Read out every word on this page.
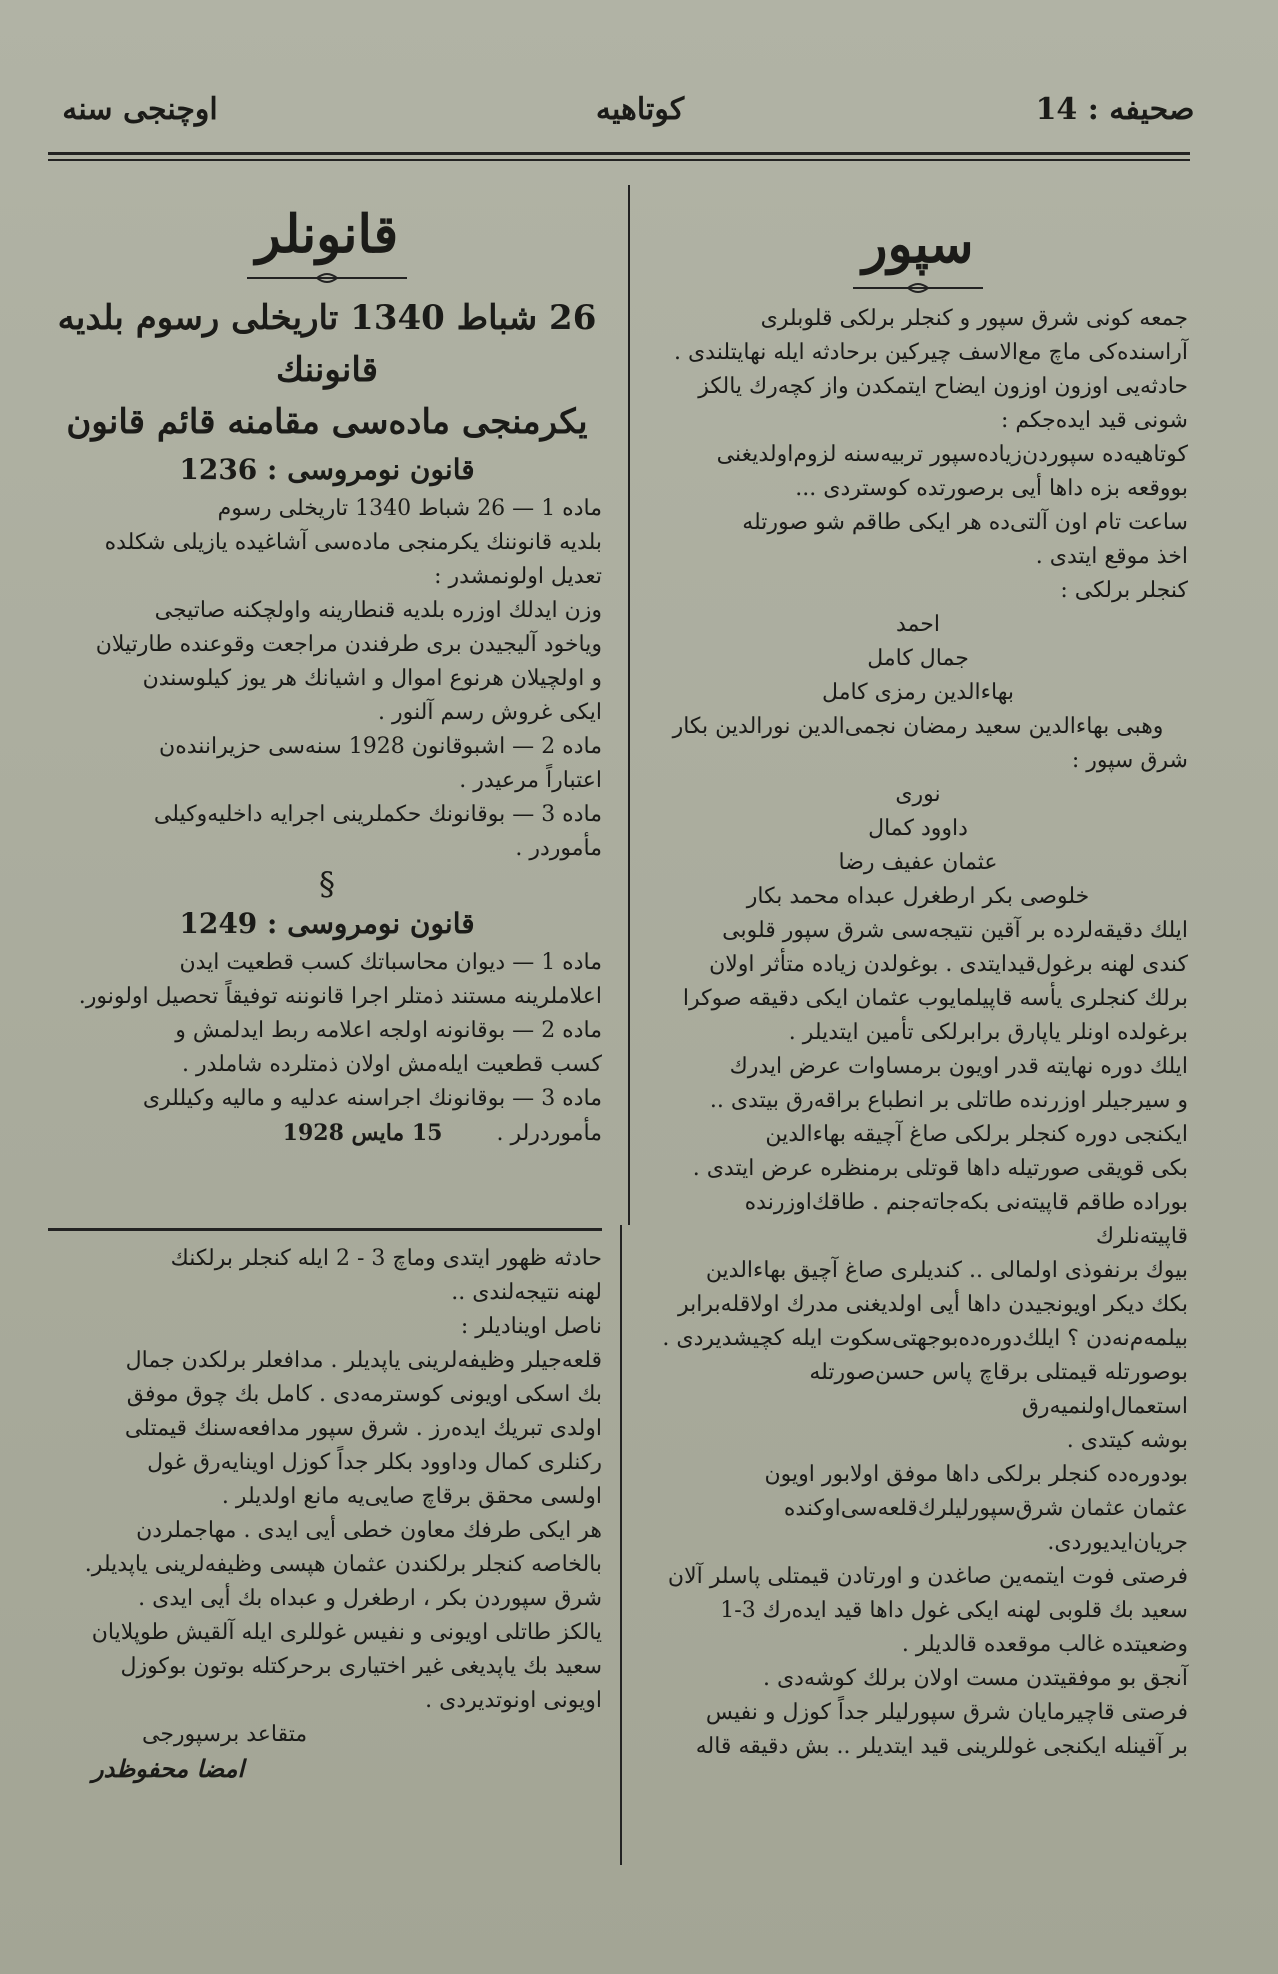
اوچنجی سنه	کوتاهیه	صحیفه : 14
قانونلر
26 شباط 1340 تاریخلی رسوم بلدیه قانوننك
یکرمنجی ماده‌سی مقامنه قائم قانون
قانون نومروسی : 1236

ماده 1 — 26 شباط 1340 تاریخلی رسوم

بلدیه قانوننك یکرمنجی ماده‌سی آشاغیده یازیلی شکلده

تعدیل اولونمشدر :

وزن ایدلك اوزره بلدیه قنطارینه واولچکنه صاتیجی

ویاخود آلیجیدن بری طرفندن مراجعت وقوعنده طارتیلان

و اولچیلان هرنوع اموال و اشیانك هر یوز کیلوسندن

ایکی غروش رسم آلنور .

ماده 2 — اشبوقانون 1928 سنه‌سی حزیراننده‌ن

اعتباراً مرعیدر .

ماده 3 — بوقانونك حکملرینی اجرایه داخلیه‌وکیلی

مأموردر .

§
قانون نومروسی : 1249

ماده 1 — دیوان محاسباتك کسب قطعیت ایدن

اعلاملرینه مستند ذمتلر اجرا قانوننه توفیقاً تحصیل اولونور.

ماده 2 — بوقانونه اولجه اعلامه ربط ایدلمش و

کسب قطعیت ایله‌مش اولان ذمتلرده شاملدر .

ماده 3 — بوقانونك اجراسنه عدلیه و مالیه وکیللری

مأموردرلر .  15 مایس 1928

حادثه ظهور ایتدی وماچ 3 - 2 ایله کنجلر برلکنك

لهنه نتیجه‌لندی ..

ناصل اوینادیلر :

قلعه‌جیلر وظیفه‌لرینی یاپدیلر . مدافعلر برلکدن جمال

بك اسکی اویونی کوسترمه‌دی . کامل بك چوق موفق

اولدی تبریك ایده‌رز . شرق سپور مدافعه‌سنك قیمتلی

رکنلری کمال وداوود بکلر جداً کوزل اوینایه‌رق غول

اولسی محقق برقاچ صایی‌یه مانع اولدیلر .

هر ایکی طرفك معاون خطی أیی ایدی . مهاجملردن

بالخاصه کنجلر برلکندن عثمان هپسی وظیفه‌لرینی یاپدیلر.

شرق سپوردن بکر ، ارطغرل و عبداه بك أیی ایدی .

یالکز طاتلی اویونی و نفیس غوللری ایله آلقیش طوپلایان

سعید بك یاپدیغی غیر اختیاری برحرکتله بوتون بوکوزل

اویونی اونوتدیردی .

متقاعد برسپورجی

امضا محفوظدر

سپور

جمعه کونی شرق سپور و کنجلر برلکی قلوبلری

آراسنده‌کی ماچ مع‌الاسف چیرکین برحادثه ایله نهایتلندی .

حادثه‌یی اوزون اوزون ایضاح ایتمکدن واز کچه‌رك یالکز

شونی قید ایده‌جکم :

کوتاهیه‌ده سپوردن‌زیاده‌سپور تربیه‌سنه لزوم‌اولدیغنی

بووقعه بزه داها أیی برصورتده کوستردی ...

ساعت تام اون آلتی‌ده هر ایکی طاقم شو صورتله

اخذ موقع ایتدی .

کنجلر برلکی :

احمد

جمال کامل

بهاءالدین رمزی کامل

وهبی بهاءالدین سعید رمضان نجمی‌الدین نورالدین بکار

شرق سپور :

نوری

داوود کمال

عثمان عفیف رضا

خلوصی بکر ارطغرل عبداه محمد بکار

ایلك دقیقه‌لرده بر آقین نتیجه‌سی شرق سپور قلوبی

کندی لهنه برغول‌قید‌ایتدی . بوغولدن زیاده متأثر اولان

برلك کنجلری یأسه قاپیلمایوب عثمان ایکی دقیقه صوکرا

برغولده اونلر یاپارق برابرلکی تأمین ایتدیلر .

ایلك دوره نهایته قدر اویون برمساوات عرض ایدرك

و سیرجیلر اوزرنده طاتلی بر انطباع براقه‌رق بیتدی ..

ایکنجی دوره کنجلر برلکی صاغ آچیقه بهاءالدین

بکی قویقی صورتیله داها قوتلی برمنظره عرض ایتدی .

بوراده طاقم قاپیته‌نی بکه‌جاته‌جنم . طاقك‌اوزرنده قاپیته‌نلرك

بیوك برنفوذی اولمالی .. کندیلری صاغ آچیق بهاءالدین

بکك دیکر اویونجیدن داها أیی اولدیغنی مدرك اولاقله‌برابر

بیلمه‌م‌نه‌دن ؟ ایلك‌دوره‌ده‌بوجهتی‌سکوت ایله کچیشدیردی .

بوصورتله قیمتلی برقاچ پاس حسن‌صورتله استعمال‌اولنمیه‌رق

بوشه کیتدی .

بودوره‌ده کنجلر برلکی داها موفق اولابور اویون

عثمان عثمان شرق‌سپورلیلرك‌قلعه‌سی‌اوکنده جریان‌ایدیوردی.

فرصتی فوت ایتمه‌ین صاغدن و اورتادن قیمتلی پاسلر آلان

سعید بك قلوبی لهنه ایکی غول داها قید ایده‌رك 3-1

وضعیتده غالب موقعده قالدیلر .

آنجق بو موفقیتدن مست اولان برلك کوشه‌دی .

فرصتی قاچیرمایان شرق سپورلیلر جداً کوزل و نفیس

بر آقینله ایکنجی غوللرینی قید ایتدیلر .. بش دقیقه قاله
